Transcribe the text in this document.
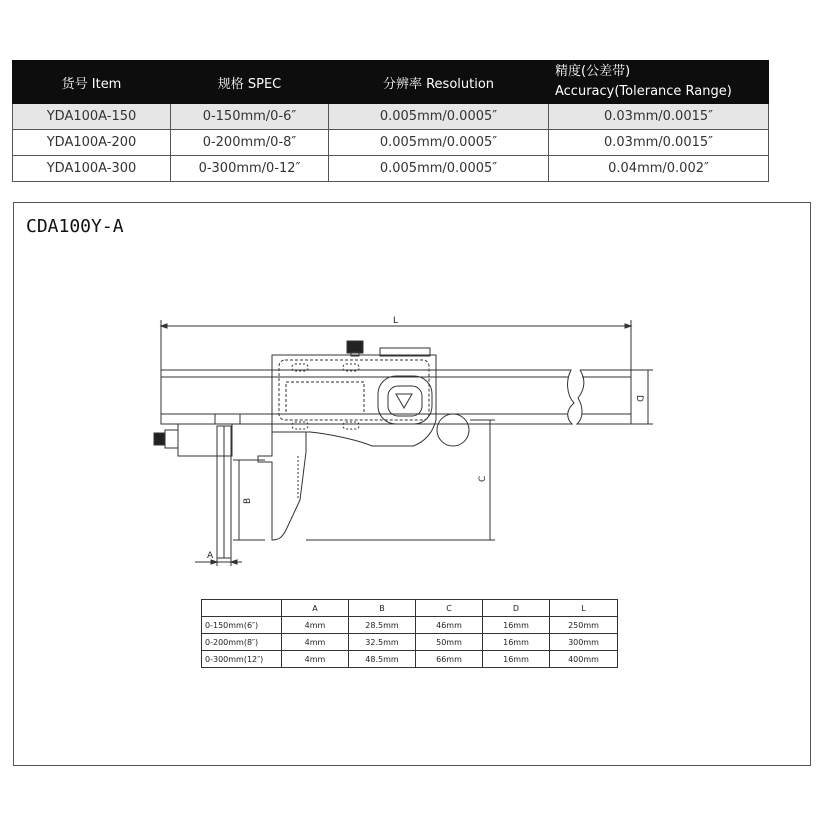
货号 Item	规格 SPEC	分辨率 Resolution	精度(公差带)
Accuracy(Tolerance Range)

YDA100A-150	0-150mm/0-6″	0.005mm/0.0005″	0.03mm/0.0015″
YDA100A-200	0-200mm/0-8″	0.005mm/0.0005″	0.03mm/0.0015″
YDA100A-300	0-300mm/0-12″	0.005mm/0.0005″	0.04mm/0.002″
CDA100Y-A
L
D
C
B
A
	A	B	C	D	L
0-150mm(6″)	4mm	28.5mm	46mm	16mm	250mm
0-200mm(8″)	4mm	32.5mm	50mm	16mm	300mm
0-300mm(12″)	4mm	48.5mm	66mm	16mm	400mm
